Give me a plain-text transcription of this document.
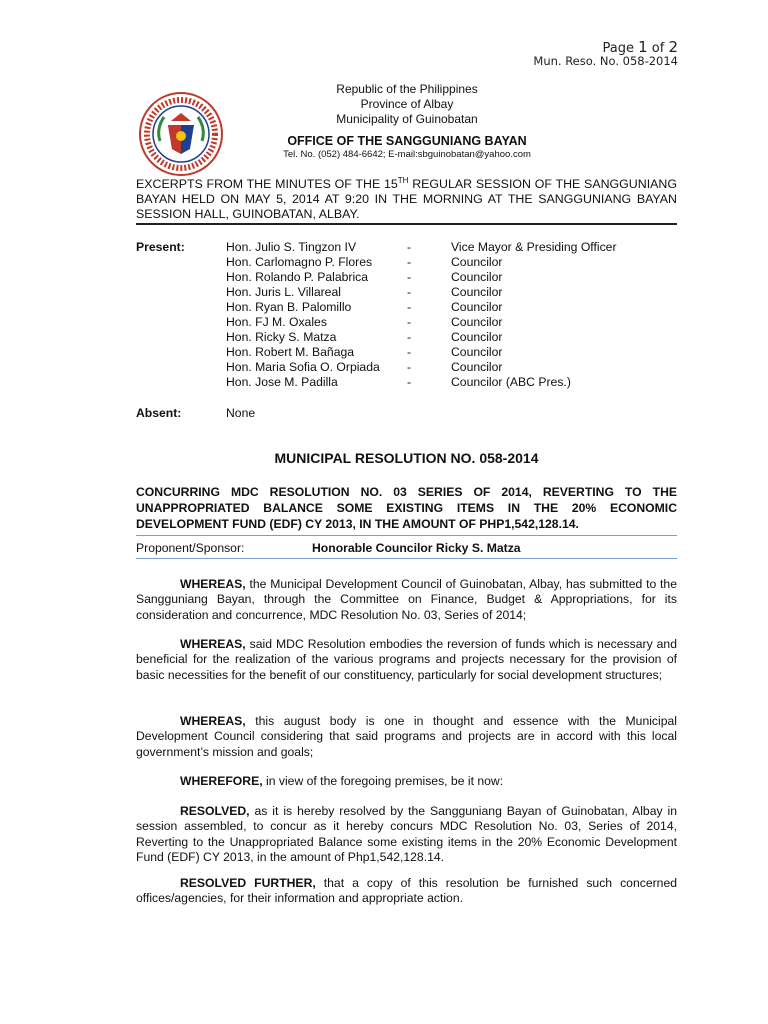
Page 1 of 2
Mun. Reso. No. 058-2014
Republic of the Philippines
Province of Albay
Municipality of Guinobatan
OFFICE OF THE SANGGUNIANG BAYAN
Tel. No. (052) 484-6642; E-mail:sbguinobatan@yahoo.com
EXCERPTS FROM THE MINUTES OF THE 15TH REGULAR SESSION OF THE SANGGUNIANG BAYAN HELD ON MAY 5, 2014 AT 9:20 IN THE MORNING AT THE SANGGUNIANG BAYAN SESSION HALL, GUINOBATAN, ALBAY.
Present:	Hon. Julio S. Tingzon IV	-	Vice Mayor & Presiding Officer
Hon. Carlomagno P. Flores	-	Councilor
Hon. Rolando P. Palabrica	-	Councilor
Hon. Juris L. Villareal	-	Councilor
Hon. Ryan B. Palomillo	-	Councilor
Hon. FJ M. Oxales	-	Councilor
Hon. Ricky S. Matza	-	Councilor
Hon. Robert M. Bañaga	-	Councilor
Hon. Maria Sofia O. Orpiada -	Councilor
Hon. Jose M. Padilla	-	Councilor (ABC Pres.)
Absent:	None
MUNICIPAL RESOLUTION NO. 058-2014
CONCURRING MDC RESOLUTION NO. 03 SERIES OF 2014, REVERTING TO THE UNAPPROPRIATED BALANCE SOME EXISTING ITEMS IN THE 20% ECONOMIC DEVELOPMENT FUND (EDF) CY 2013, IN THE AMOUNT OF PHP1,542,128.14.
Proponent/Sponsor:	Honorable Councilor Ricky S. Matza
WHEREAS, the Municipal Development Council of Guinobatan, Albay, has submitted to the Sangguniang Bayan, through the Committee on Finance, Budget & Appropriations, for its consideration and concurrence, MDC Resolution No. 03, Series of 2014;
WHEREAS, said MDC Resolution embodies the reversion of funds which is necessary and beneficial for the realization of the various programs and projects necessary for the provision of basic necessities for the benefit of our constituency, particularly for social development structures;
WHEREAS, this august body is one in thought and essence with the Municipal Development Council considering that said programs and projects are in accord with this local government’s mission and goals;
WHEREFORE, in view of the foregoing premises, be it now:
RESOLVED, as it is hereby resolved by the Sangguniang Bayan of Guinobatan, Albay in session assembled, to concur as it hereby concurs MDC Resolution No. 03, Series of 2014, Reverting to the Unappropriated Balance some existing items in the 20% Economic Development Fund (EDF) CY 2013, in the amount of Php1,542,128.14.
RESOLVED FURTHER, that a copy of this resolution be furnished such concerned offices/agencies, for their information and appropriate action.
